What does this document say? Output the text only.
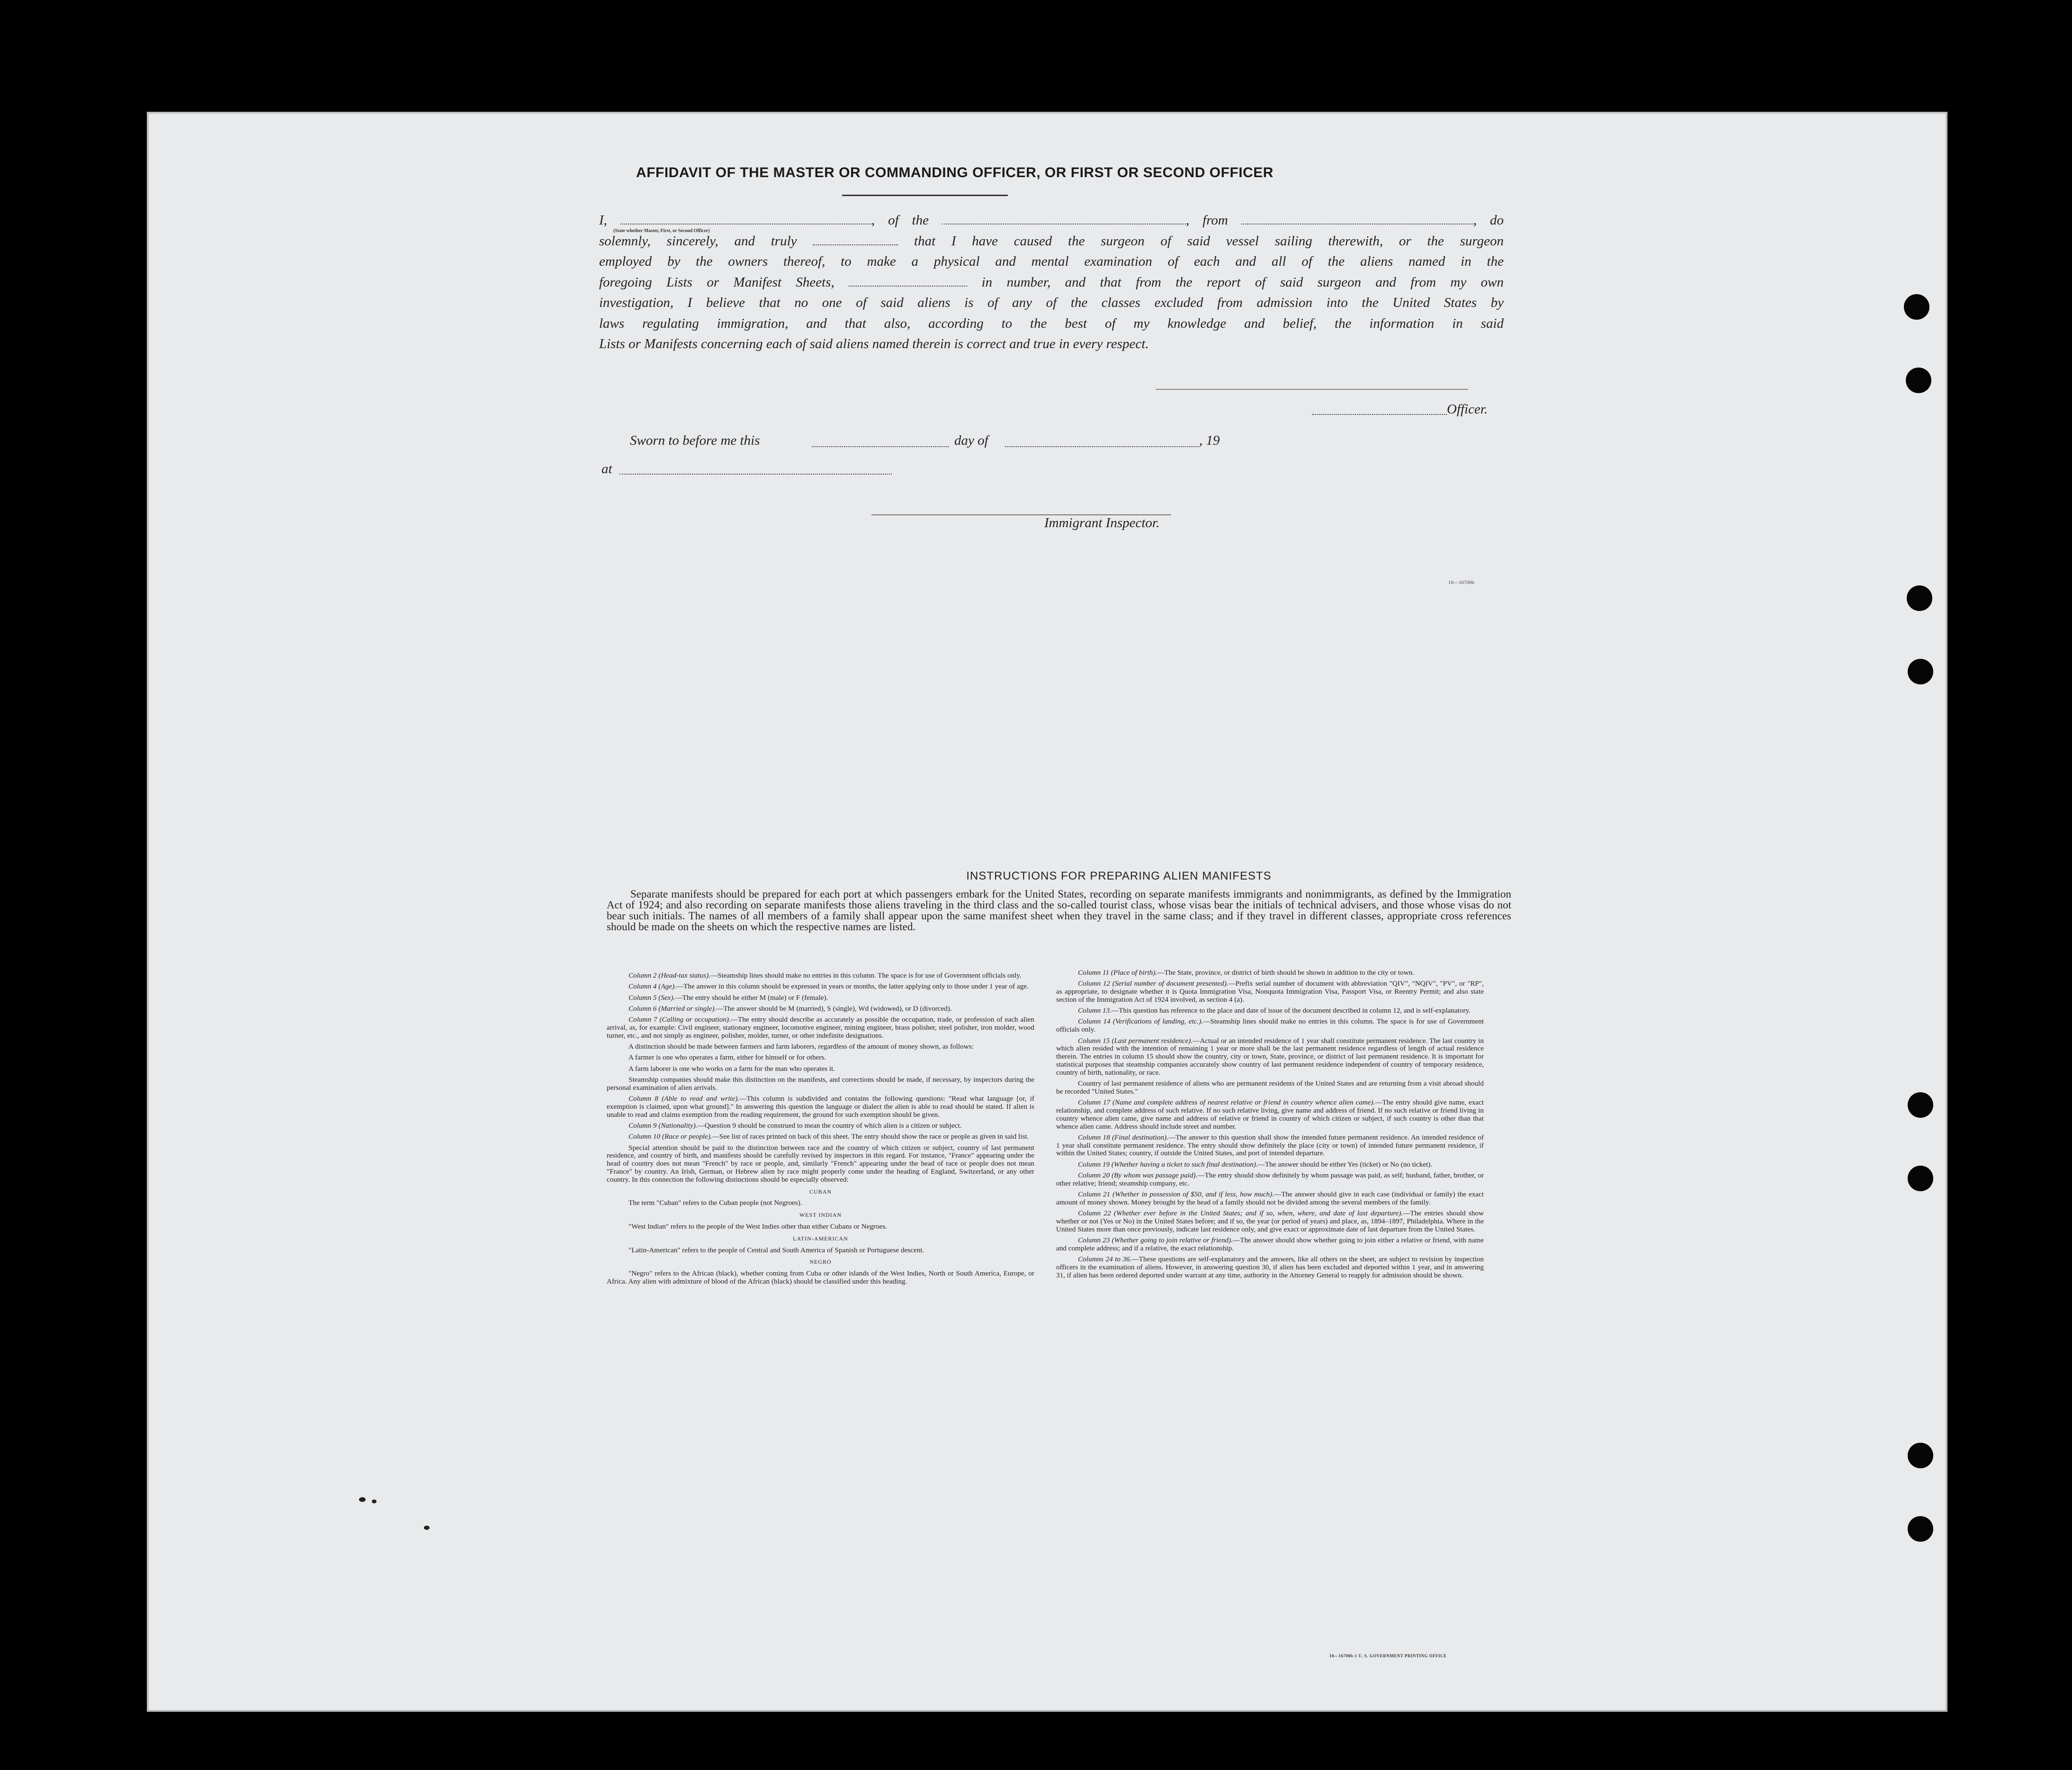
AFFIDAVIT OF THE MASTER OR COMMANDING OFFICER, OR FIRST OR SECOND OFFICER
I,	, of the	, from	, do
solemnly, sincerely, and truly	that I have caused the surgeon of said vessel sailing therewith, or the surgeon
employed by the owners thereof, to make a physical and mental examination of each and all of the aliens named in the
foregoing Lists or Manifest Sheets,	in number, and that from the report of said surgeon and from my own
investigation, I believe that no one of said aliens is of any of the classes excluded from admission into the United States by
laws regulating immigration, and that also, according to the best of my knowledge and belief, the information in said
Lists or Manifests concerning each of said aliens named therein is correct and true in every respect.
(State whether Master, First, or Second Officer)
Officer.
Sworn to before me this	day of	, 19
at
Immigrant Inspector.
10—16700b
INSTRUCTIONS FOR PREPARING ALIEN MANIFESTS

Separate manifests should be prepared for each port at which passengers embark for the United States, recording on separate manifests immigrants and nonimmigrants, as defined by the Immigration Act of 1924; and also recording on separate manifests those aliens traveling in the third class and the so-called tourist class, whose visas bear the initials of technical advisers, and those whose visas do not bear such initials. The names of all members of a family shall appear upon the same manifest sheet when they travel in the same class; and if they travel in different classes, appropriate cross references should be made on the sheets on which the respective names are listed.

Column 2 (Head-tax status).—Steamship lines should make no entries in this column. The space is for use of Government officials only.

Column 4 (Age).—The answer in this column should be expressed in years or months, the latter applying only to those under 1 year of age.

Column 5 (Sex).—The entry should be either M (male) or F (female).

Column 6 (Married or single).—The answer should be M (married), S (single), Wd (widowed), or D (divorced).

Column 7 (Calling or occupation).—The entry should describe as accurately as possible the occupation, trade, or profession of each alien arrival, as, for example: Civil engineer, stationary engineer, locomotive engineer, mining engineer, brass polisher, steel polisher, iron molder, wood turner, etc., and not simply as engineer, polisher, molder, turner, or other indefinite designations.

A distinction should be made between farmers and farm laborers, regardless of the amount of money shown, as follows:

A farmer is one who operates a farm, either for himself or for others.

A farm laborer is one who works on a farm for the man who operates it.

Steamship companies should make this distinction on the manifests, and corrections should be made, if necessary, by inspectors during the personal examination of alien arrivals.

Column 8 (Able to read and write).—This column is subdivided and contains the following questions: "Read what language [or, if exemption is claimed, upon what ground]." In answering this question the language or dialect the alien is able to read should be stated. If alien is unable to read and claims exemption from the reading requirement, the ground for such exemption should be given.

Column 9 (Nationality).—Question 9 should be construed to mean the country of which alien is a citizen or subject.

Column 10 (Race or people).—See list of races printed on back of this sheet. The entry should show the race or people as given in said list.

Special attention should be paid to the distinction between race and the country of which citizen or subject, country of last permanent residence, and country of birth, and manifests should be carefully revised by inspectors in this regard. For instance, "France" appearing under the head of country does not mean "French" by race or people, and, similarly "French" appearing under the head of race or people does not mean "France" by country. An Irish, German, or Hebrew alien by race might properly come under the heading of England, Switzerland, or any other country. In this connection the following distinctions should be especially observed:

CUBAN

The term "Cuban" refers to the Cuban people (not Negroes).

WEST INDIAN

"West Indian" refers to the people of the West Indies other than either Cubans or Negroes.

LATIN-AMERICAN

"Latin-American" refers to the people of Central and South America of Spanish or Portuguese descent.

NEGRO

"Negro" refers to the African (black), whether coming from Cuba or other islands of the West Indies, North or South America, Europe, or Africa. Any alien with admixture of blood of the African (black) should be classified under this heading.

Column 11 (Place of birth).—The State, province, or district of birth should be shown in addition to the city or town.

Column 12 (Serial number of document presented).—Prefix serial number of document with abbreviation "QIV", "NQIV", "PV", or "RP", as appropriate, to designate whether it is Quota Immigration Visa, Nonquota Immigration Visa, Passport Visa, or Reentry Permit; and also state section of the Immigration Act of 1924 involved, as section 4 (a).

Column 13.—This question has reference to the place and date of issue of the document described in column 12, and is self-explanatory.

Column 14 (Verifications of landing, etc.).—Steamship lines should make no entries in this column. The space is for use of Government officials only.

Column 15 (Last permanent residence).—Actual or an intended residence of 1 year shall constitute permanent residence. The last country in which alien resided with the intention of remaining 1 year or more shall be the last permanent residence regardless of length of actual residence therein. The entries in column 15 should show the country, city or town, State, province, or district of last permanent residence. It is important for statistical purposes that steamship companies accurately show country of last permanent residence independent of country of temporary residence, country of birth, nationality, or race.

Country of last permanent residence of aliens who are permanent residents of the United States and are returning from a visit abroad should be recorded "United States."

Column 17 (Name and complete address of nearest relative or friend in country whence alien came).—The entry should give name, exact relationship, and complete address of such relative. If no such relative living, give name and address of friend. If no such relative or friend living in country whence alien came, give name and address of relative or friend in country of which citizen or subject, if such country is other than that whence alien came. Address should include street and number.

Column 18 (Final destination).—The answer to this question shall show the intended future permanent residence. An intended residence of 1 year shall constitute permanent residence. The entry should show definitely the place (city or town) of intended future permanent residence, if within the United States; country, if outside the United States, and port of intended departure.

Column 19 (Whether having a ticket to such final destination).—The answer should be either Yes (ticket) or No (no ticket).

Column 20 (By whom was passage paid).—The entry should show definitely by whom passage was paid, as self; husband, father, brother, or other relative; friend; steamship company, etc.

Column 21 (Whether in possession of $50, and if less, how much).—The answer should give in each case (individual or family) the exact amount of money shown. Money brought by the head of a family should not be divided among the several members of the family.

Column 22 (Whether ever before in the United States; and if so, when, where, and date of last departure).—The entries should show whether or not (Yes or No) in the United States before; and if so, the year (or period of years) and place, as, 1894–1897, Philadelphia. Where in the United States more than once previously, indicate last residence only, and give exact or approximate date of last departure from the United States.

Column 23 (Whether going to join relative or friend).—The answer should show whether going to join either a relative or friend, with name and complete address; and if a relative, the exact relationship.

Columns 24 to 36.—These questions are self-explanatory and the answers, like all others on the sheet, are subject to revision by inspection officers in the examination of aliens. However, in answering question 30, if alien has been excluded and deported within 1 year, and in answering 31, if alien has been ordered deported under warrant at any time, authority in the Attorney General to reapply for admission should be shown.

10—16700b-1 U. S. GOVERNMENT PRINTING OFFICE
